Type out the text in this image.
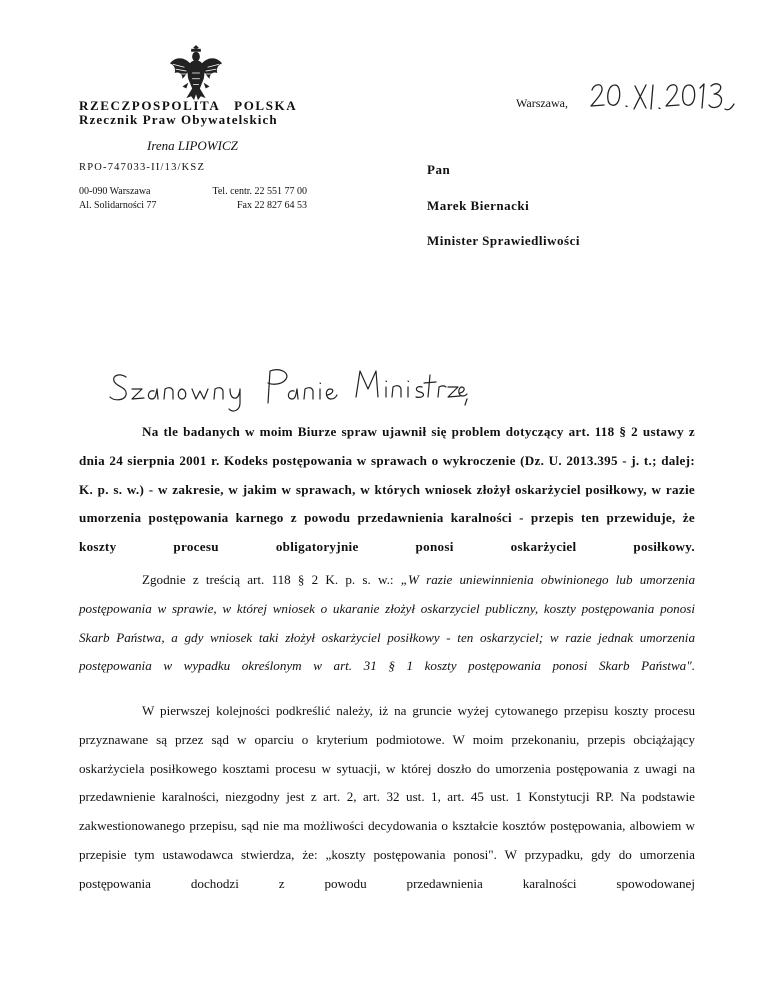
RZECZPOSPOLITA   POLSKA
Rzecznik Praw Obywatelskich
Irena LIPOWICZ
RPO-747033-II/13/KSZ
00-090 Warszawa
Al. Solidarności 77
Tel. centr. 22 551 77 00
Fax 22 827 64 53
Warszawa,
Pan
Marek Biernacki
Minister Sprawiedliwości

Na tle badanych w moim Biurze spraw ujawnił się problem dotyczący art. 118 § 2 ustawy z dnia 24 sierpnia 2001 r. Kodeks postępowania w sprawach o wykroczenie (Dz. U. 2013.395 - j. t.; dalej: K. p. s. w.) - w zakresie, w jakim w sprawach, w których wniosek złożył oskarżyciel posiłkowy, w razie umorzenia postępowania karnego z powodu przedawnienia karalności - przepis ten przewiduje, że koszty procesu obligatoryjnie ponosi oskarżyciel posiłkowy.

Zgodnie z treścią art. 118 § 2 K. p. s. w.: „W razie uniewinnienia obwinionego lub umorzenia postępowania w sprawie, w której wniosek o ukaranie złożył oskarzyciel publiczny, koszty postępowania ponosi Skarb Państwa, a gdy wniosek taki złożył oskarżyciel posiłkowy - ten oskarzyciel; w razie jednak umorzenia postępowania w wypadku określonym w art. 31 § 1 koszty postępowania ponosi Skarb Państwa".

W pierwszej kolejności podkreślić należy, iż na gruncie wyżej cytowanego przepisu koszty procesu przyznawane są przez sąd w oparciu o kryterium podmiotowe. W moim przekonaniu, przepis obciążający oskarżyciela posiłkowego kosztami procesu w sytuacji, w której doszło do umorzenia postępowania z uwagi na przedawnienie karalności, niezgodny jest z art. 2, art. 32 ust. 1, art. 45 ust. 1 Konstytucji RP. Na podstawie zakwestionowanego przepisu, sąd nie ma możliwości decydowania o kształcie kosztów postępowania, albowiem w przepisie tym ustawodawca stwierdza, że: „koszty postępowania ponosi". W przypadku, gdy do umorzenia postępowania dochodzi z powodu przedawnienia karalności spowodowanej
